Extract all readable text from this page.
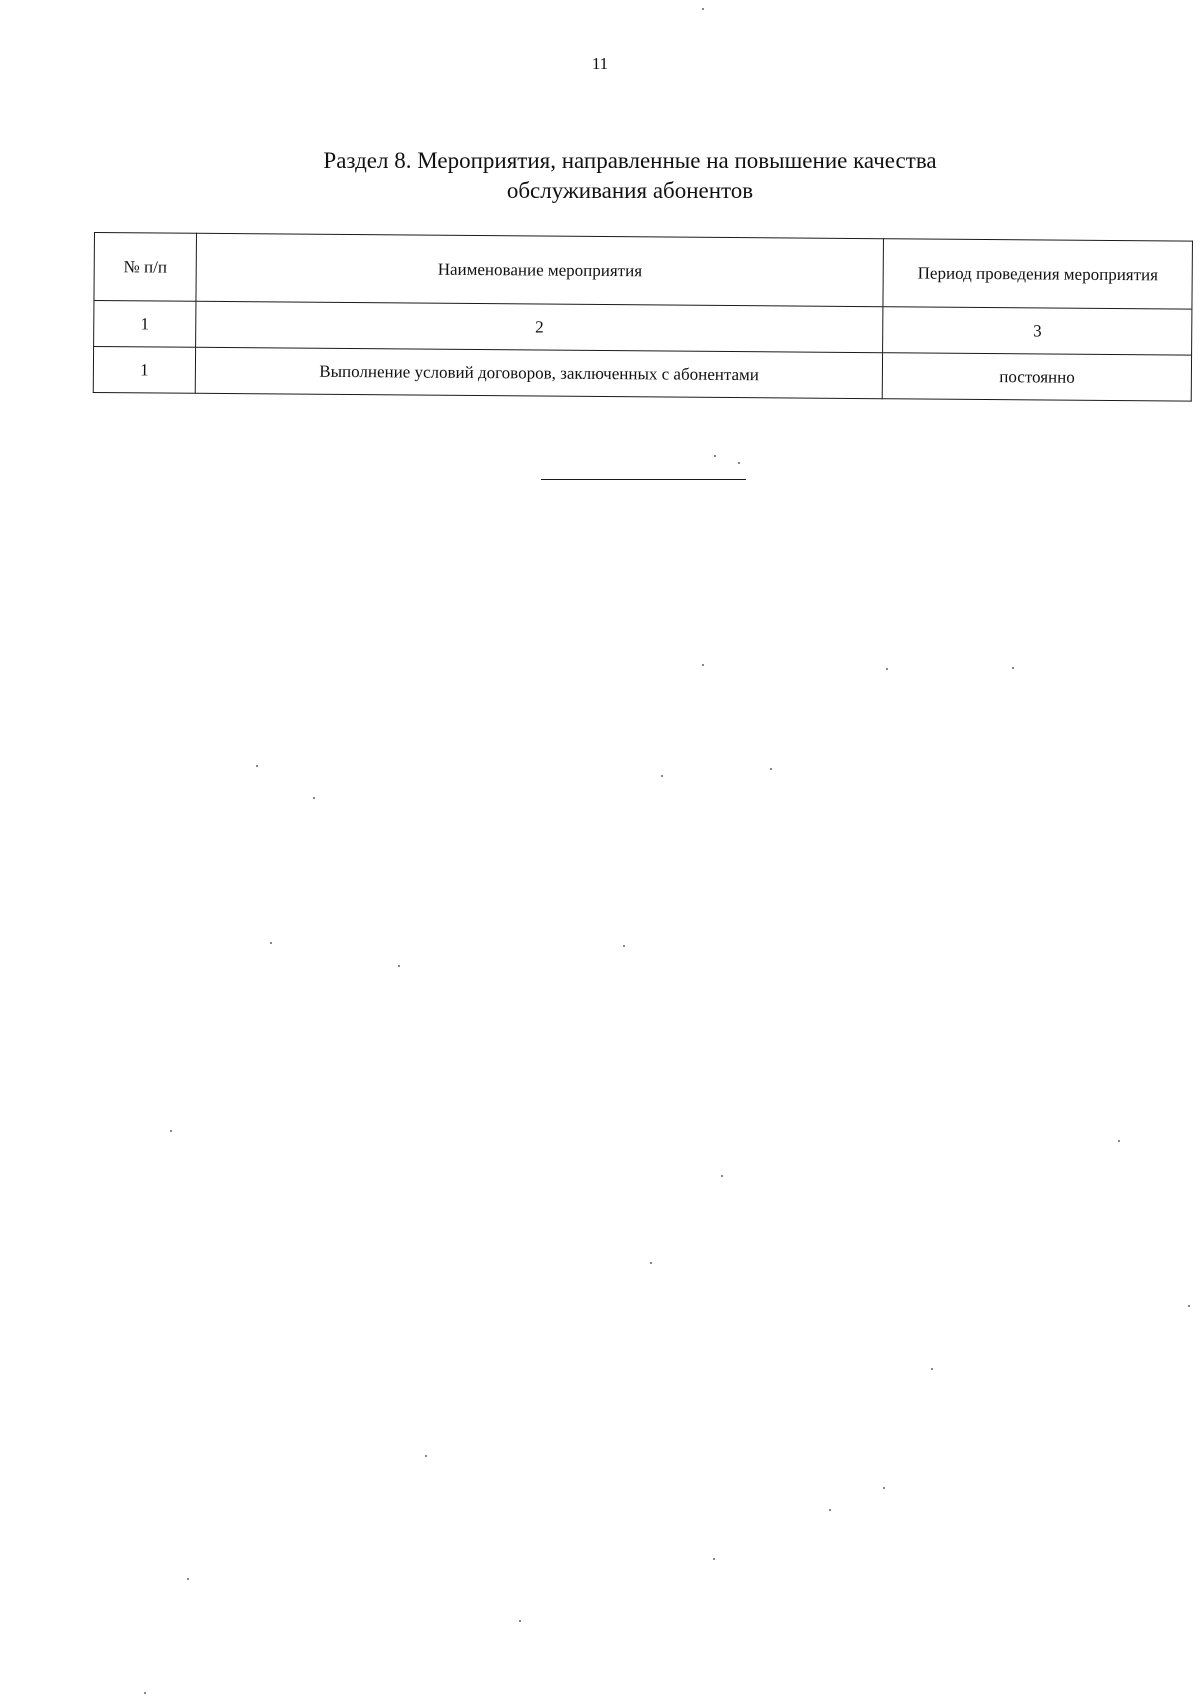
11
Раздел 8. Мероприятия, направленные на повышение качества
обслуживания абонентов
№ п/п	Наименование мероприятия	Период проведения мероприятия
1	2	3
1	Выполнение условий договоров, заключенных с абонентами	постоянно
